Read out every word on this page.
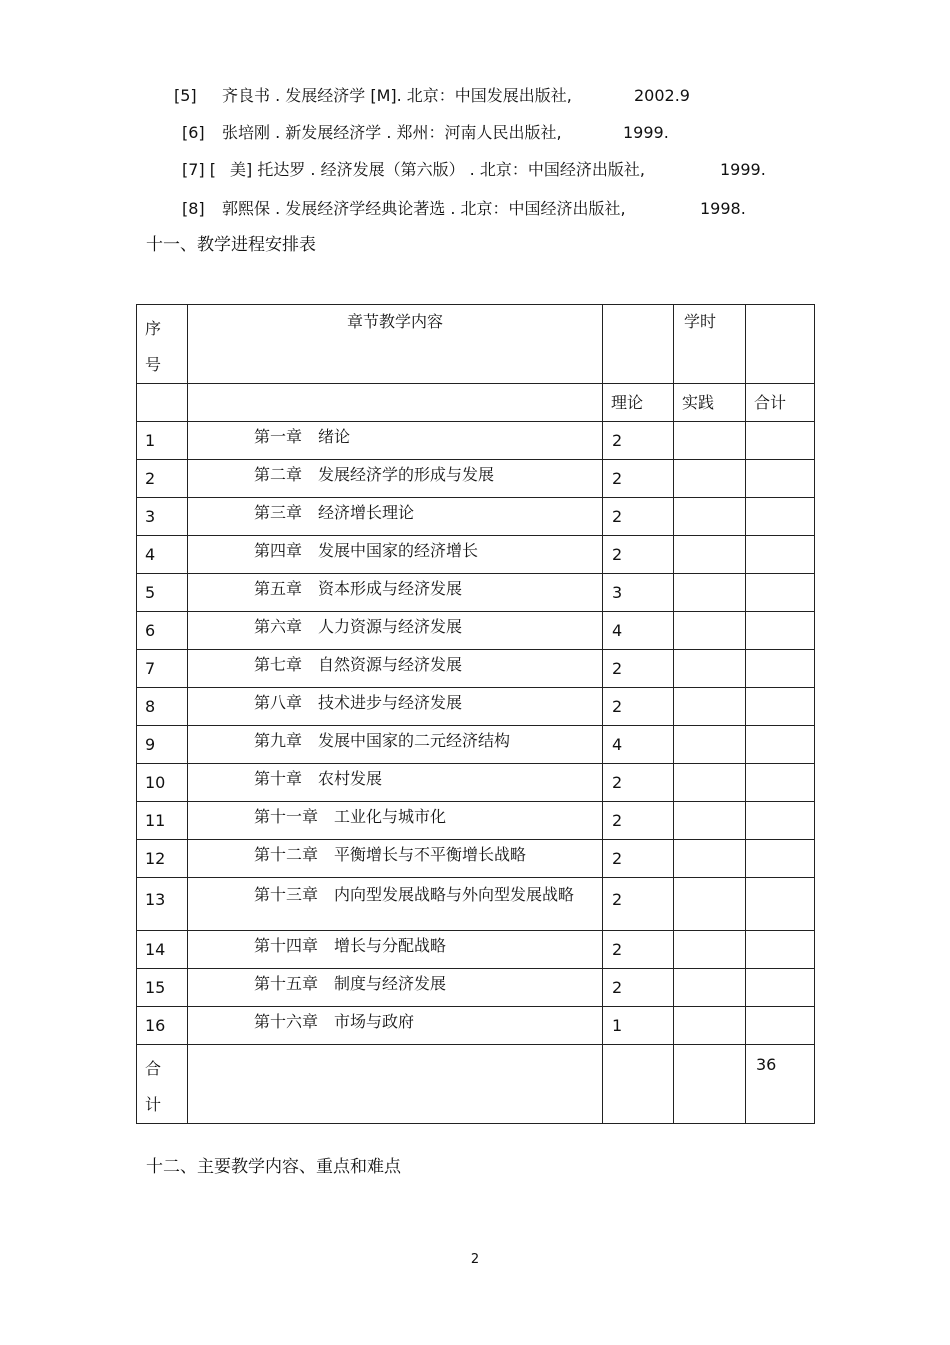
[5] 齐良书 . 发展经济学 [M]. 北京：中国发展出版社,	2002.9
[6] 张培刚 . 新发展经济学 . 郑州：河南人民出版社,	1999.
[7] [ 美] 托达罗 . 经济发展（第六版） . 北京：中国经济出版社,	1999.
[8] 郭熙保 . 发展经济学经典论著选 . 北京：中国经济出版社,	1998.
十一、教学进程安排表
序
号	章节教学内容		学时	

		理论	实践	合计

1	第一章　绪论	2		

2	第二章　发展经济学的形成与发展	2		

3	第三章　经济增长理论	2		

4	第四章　发展中国家的经济增长	2		

5	第五章　资本形成与经济发展	3		

6	第六章　人力资源与经济发展	4		

7	第七章　自然资源与经济发展	2		

8	第八章　技术进步与经济发展	2		

9	第九章　发展中国家的二元经济结构	4		

10	第十章　农村发展	2		

11	第十一章　工业化与城市化	2		

12	第十二章　平衡增长与不平衡增长战略	2		

13	第十三章　内向型发展战略与外向型发展战略	2		

14	第十四章　增长与分配战略	2		

15	第十五章　制度与经济发展	2		

16	第十六章　市场与政府	1		

合
计				36
十二、主要教学内容、重点和难点
2
